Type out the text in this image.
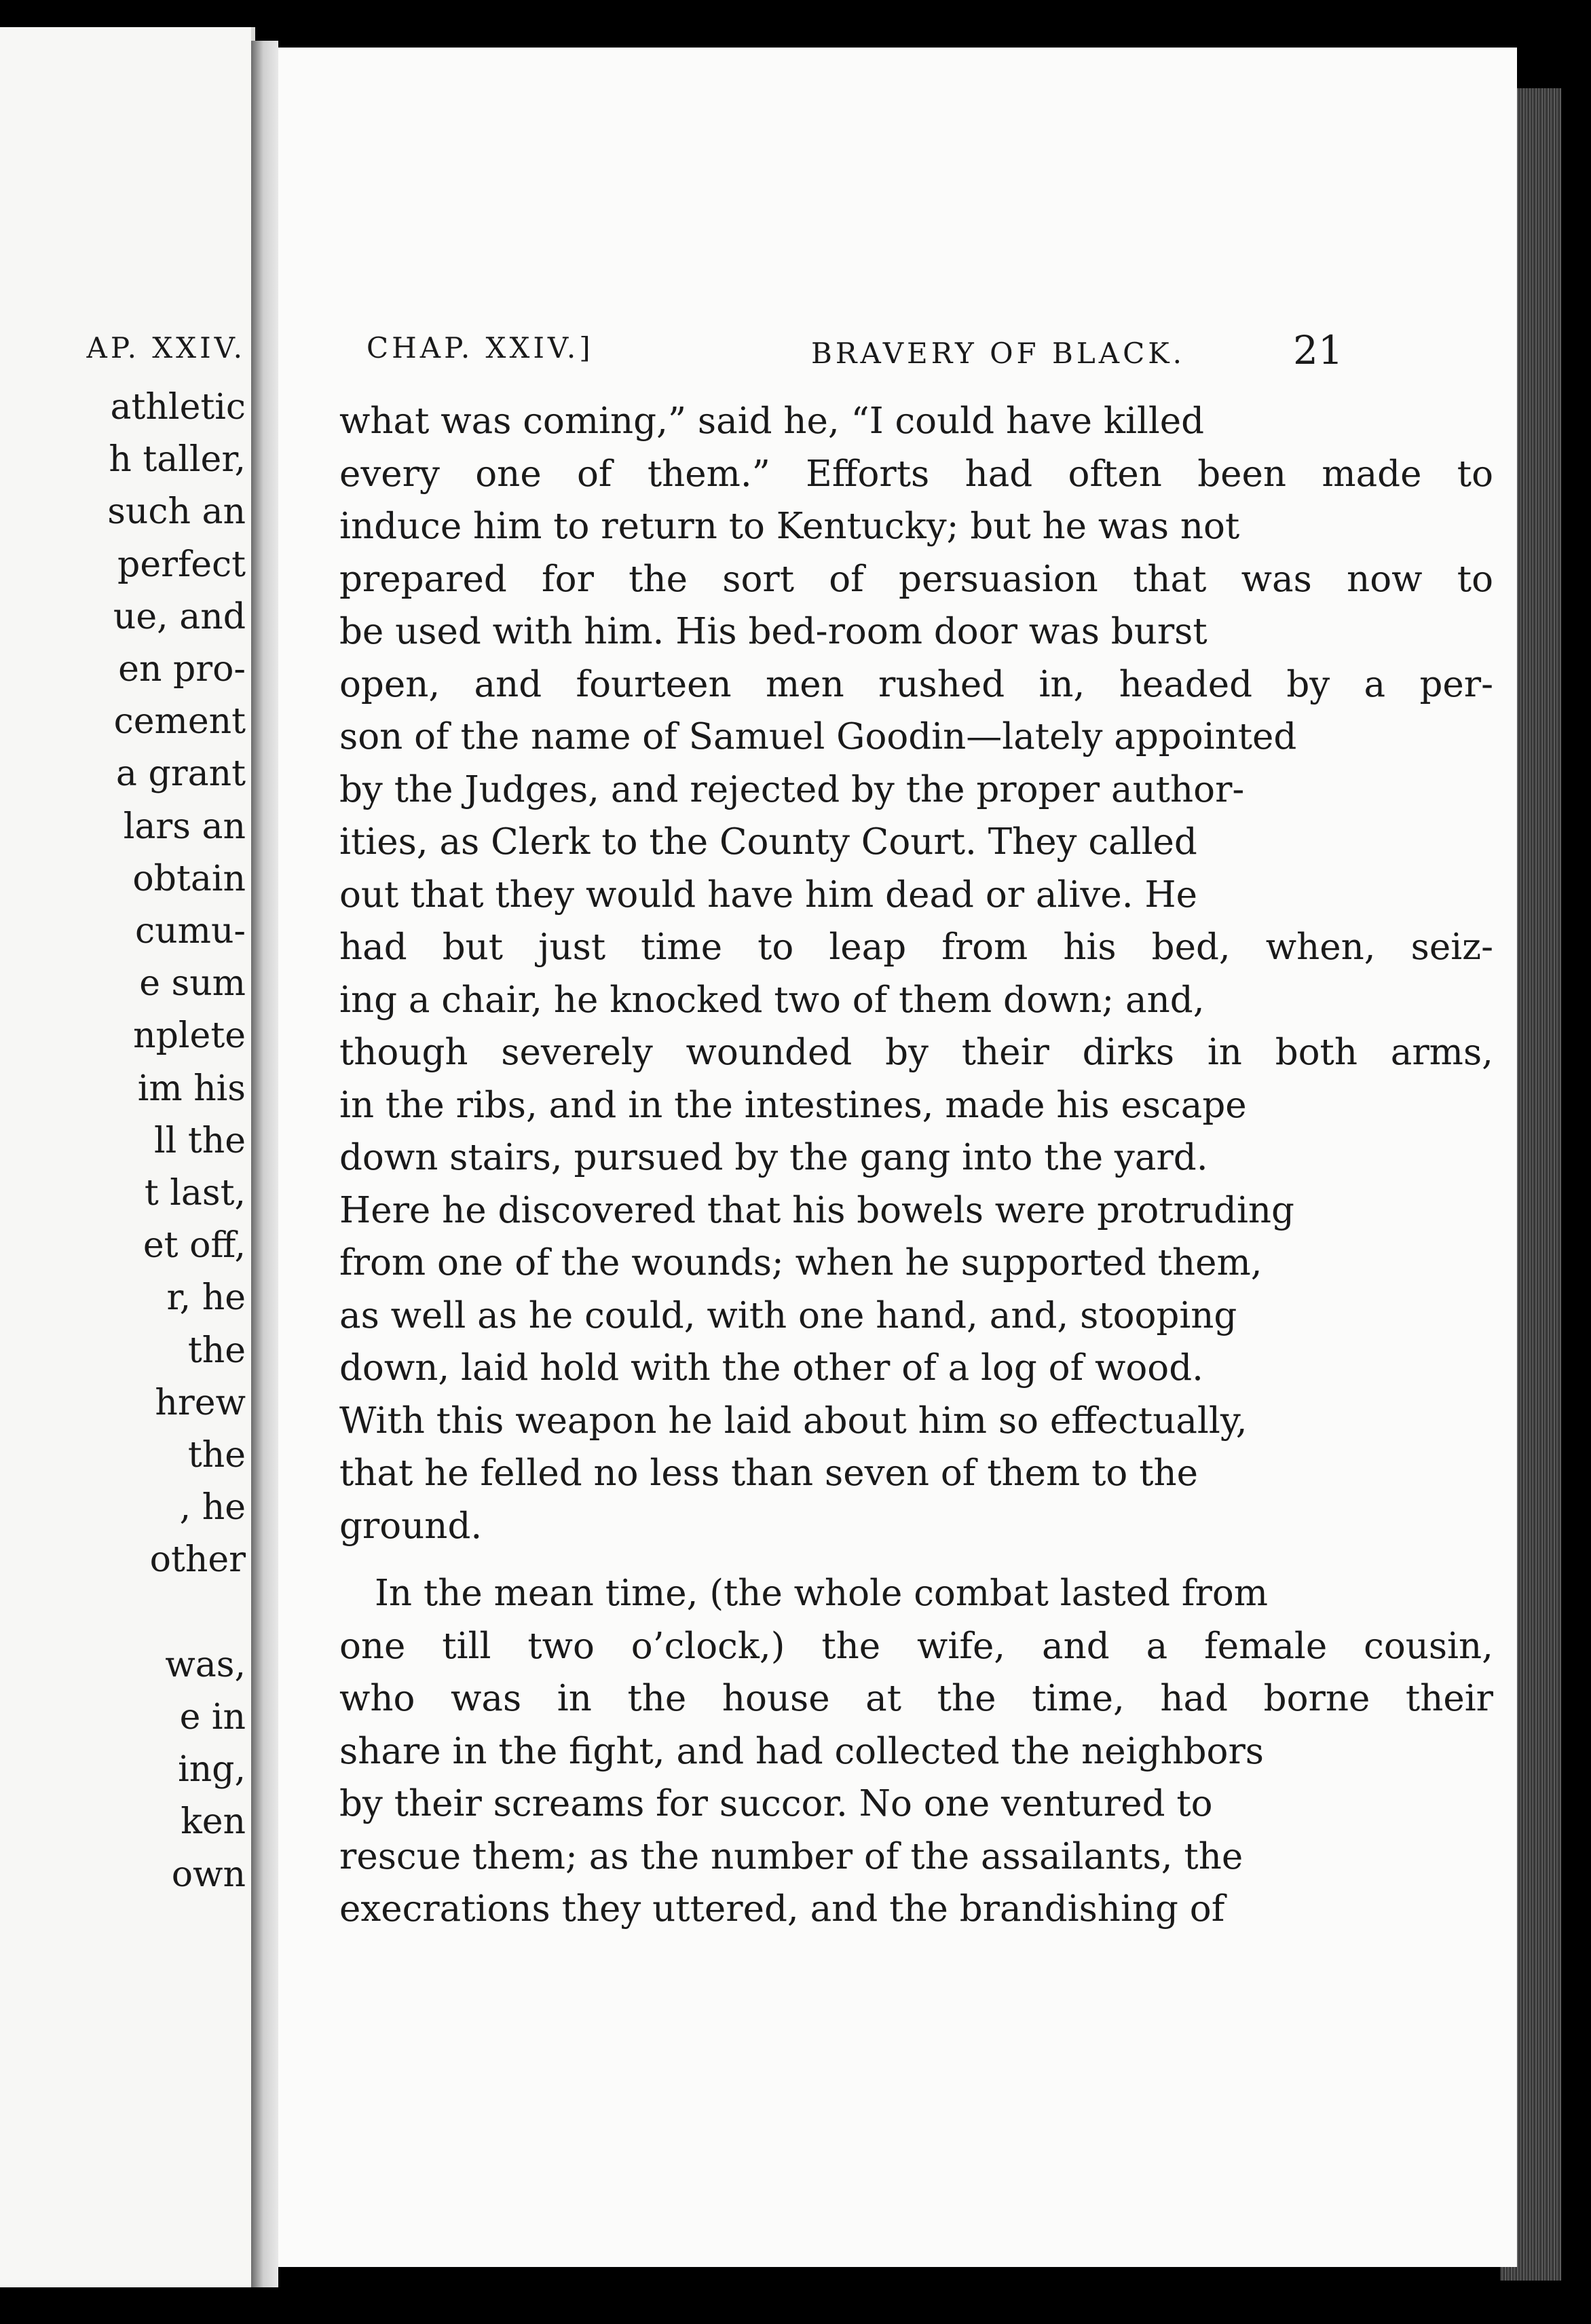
AP. XXIV.
athletic
h taller,
such an
perfect
ue, and
en pro-
cement
a grant
lars an
obtain
cumu-
e sum
nplete
im his
ll the
t last,
et off,
r, he
the
hrew
the
, he
other
was,
e in
ing,
ken
own
CHAP. XXIV.]	BRAVERY OF BLACK.	21
what was coming,” said he, “I could have killed
every one of them.” Efforts had often been made to
induce him to return to Kentucky; but he was not
prepared for the sort of persuasion that was now to
be used with him. His bed-room door was burst
open, and fourteen men rushed in, headed by a per-
son of the name of Samuel Goodin—lately appointed
by the Judges, and rejected by the proper author-
ities, as Clerk to the County Court. They called
out that they would have him dead or alive. He
had but just time to leap from his bed, when, seiz-
ing a chair, he knocked two of them down; and,
though severely wounded by their dirks in both arms,
in the ribs, and in the intestines, made his escape
down stairs, pursued by the gang into the yard.
Here he discovered that his bowels were protruding
from one of the wounds; when he supported them,
as well as he could, with one hand, and, stooping
down, laid hold with the other of a log of wood.
With this weapon he laid about him so effectually,
that he felled no less than seven of them to the
ground.
In the mean time, (the whole combat lasted from
one till two o’clock,) the wife, and a female cousin,
who was in the house at the time, had borne their
share in the fight, and had collected the neighbors
by their screams for succor. No one ventured to
rescue them; as the number of the assailants, the
execrations they uttered, and the brandishing of
